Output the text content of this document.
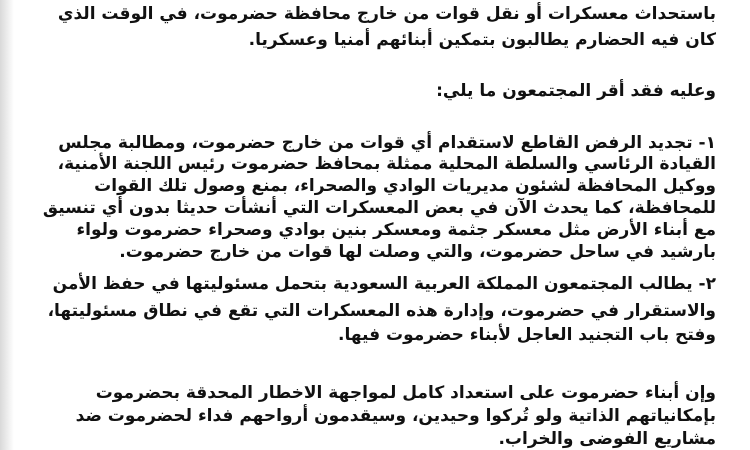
باستحداث معسكرات أو نقل قوات من خارج محافظة حضرموت، في الوقت الذي
كان فيه الحضارم يطالبون بتمكين أبنائهم أمنيا وعسكريا.
وعليه فقد أقر المجتمعون ما يلي:
١- تجديد الرفض القاطع لاستقدام أي قوات من خارج حضرموت، ومطالبة مجلس
القيادة الرئاسي والسلطة المحلية ممثلة بمحافظ حضرموت رئيس اللجنة الأمنية،
ووكيل المحافظة لشئون مديريات الوادي والصحراء، بمنع وصول تلك القوات
للمحافظة، كما يحدث الآن في بعض المعسكرات التي أنشأت حديثا بدون أي تنسيق
مع أبناء الأرض مثل معسكر جثمة ومعسكر بنين بوادي وصحراء حضرموت ولواء
بارشيد في ساحل حضرموت، والتي وصلت لها قوات من خارج حضرموت.
٢- يطالب المجتمعون المملكة العربية السعودية بتحمل مسئوليتها في حفظ الأمن
والاستقرار في حضرموت، وإدارة هذه المعسكرات التي تقع في نطاق مسئوليتها،
وفتح باب التجنيد العاجل لأبناء حضرموت فيها.
وإن أبناء حضرموت على استعداد كامل لمواجهة الاخطار المحدقة بحضرموت
بإمكانياتهم الذاتية ولو تُركوا وحيدين، وسيقدمون أرواحهم فداء لحضرموت ضد
مشاريع الفوضى والخراب.
